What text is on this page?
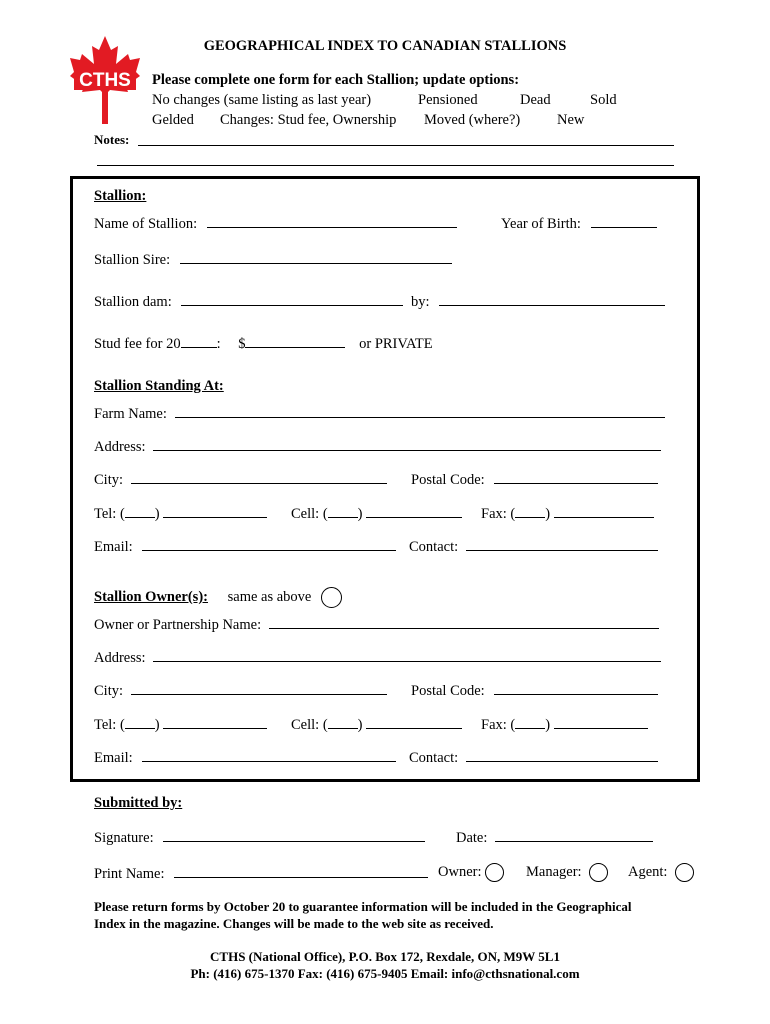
CTHS
GEOGRAPHICAL INDEX TO CANADIAN STALLIONS
Please complete one form for each Stallion; update options:
No changes (same listing as last year)	Pensioned	Dead	Sold
Gelded Changes: Stud fee, Ownership Moved (where?)	New
Notes:
Stallion:
Name of Stallion:	Year of Birth:
Stallion Sire:
Stallion dam:	by:
Stud fee for 20 : $	or PRIVATE
Stallion Standing At:
Farm Name:
Address:
City:	Postal Code:
Tel: ( )	Cell: ( )	Fax: ( )
Email:	Contact:
Stallion Owner(s): same as above
Owner or Partnership Name:
Address:
City:	Postal Code:
Tel: ( )	Cell: ( )	Fax: ( )
Email:	Contact:
Submitted by:
Signature:	Date:
Print Name:	Owner:	Manager:	Agent:
Please return forms by October 20 to guarantee information will be included in the Geographical
Index in the magazine. Changes will be made to the web site as received.
CTHS (National Office), P.O. Box 172, Rexdale, ON, M9W 5L1
Ph: (416) 675-1370 Fax: (416) 675-9405 Email: info@cthsnational.com
